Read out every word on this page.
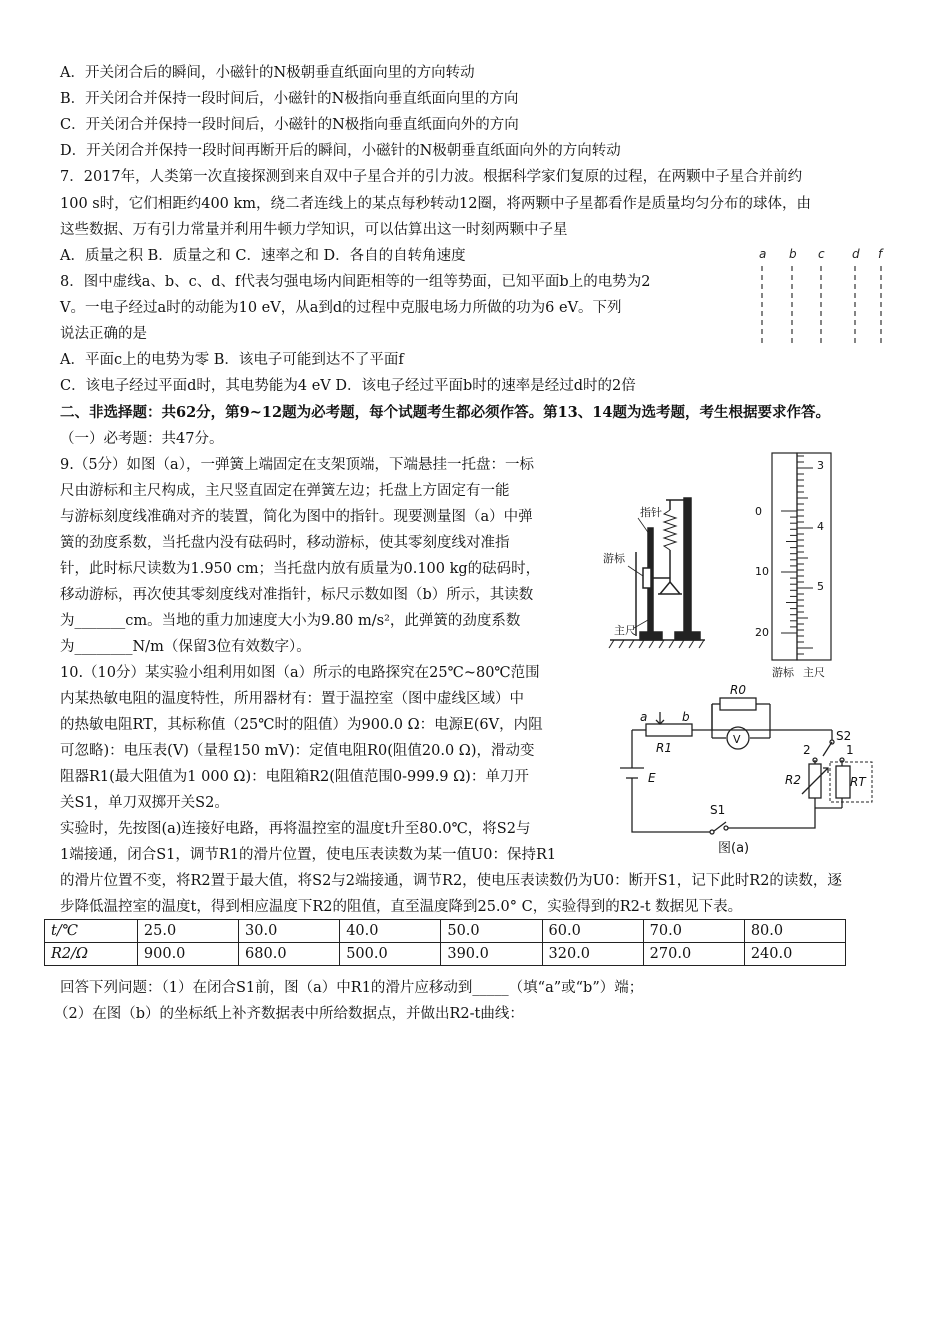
A．开关闭合后的瞬间，小磁针的N极朝垂直纸面向里的方向转动
B．开关闭合并保持一段时间后，小磁针的N极指向垂直纸面向里的方向
C．开关闭合并保持一段时间后，小磁针的N极指向垂直纸面向外的方向
D．开关闭合并保持一段时间再断开后的瞬间，小磁针的N极朝垂直纸面向外的方向转动
7．2017年，人类第一次直接探测到来自双中子星合并的引力波。根据科学家们复原的过程，在两颗中子星合并前约
100 s时，它们相距约400 km，绕二者连线上的某点每秒转动12圈，将两颗中子星都看作是质量均匀分布的球体，由
这些数据、万有引力常量并利用牛顿力学知识，可以估算出这一时刻两颗中子星
A．质量之积 B．质量之和 C．速率之和 D．各自的自转角速度
8．图中虚线a、b、c、d、f代表匀强电场内间距相等的一组等势面，已知平面b上的电势为2
V。一电子经过a时的动能为10 eV，从a到d的过程中克服电场力所做的功为6 eV。下列
说法正确的是
A．平面c上的电势为零 B．该电子可能到达不了平面f
C．该电子经过平面d时，其电势能为4 eV D．该电子经过平面b时的速率是经过d时的2倍
a b c d f
二、非选择题：共62分，第9~12题为必考题，每个试题考生都必须作答。第13、14题为选考题，考生根据要求作答。
（一）必考题：共47分。
9.（5分）如图（a），一弹簧上端固定在支架顶端，下端悬挂一托盘：一标
尺由游标和主尺构成，主尺竖直固定在弹簧左边；托盘上方固定有一能
与游标刻度线准确对齐的装置，简化为图中的指针。现要测量图（a）中弹
簧的劲度系数，当托盘内没有砝码时，移动游标，使其零刻度线对准指
针，此时标尺读数为1.950 cm；当托盘内放有质量为0.100 kg的砝码时，
移动游标，再次使其零刻度线对准指针，标尺示数如图（b）所示，其读数
为_______cm。当地的重力加速度大小为9.80 m/s²，此弹簧的劲度系数
为________N/m（保留3位有效数字）。
指针
游标
主尺
3
4
5
0
10
20
游标 主尺
10.（10分）某实验小组利用如图（a）所示的电路探究在25℃~80℃范围
内某热敏电阻的温度特性，所用器材有：置于温控室（图中虚线区域）中
的热敏电阻RT，其标称值（25℃时的阻值）为900.0 Ω：电源E(6V，内阻
可忽略)：电压表(V)（量程150 mV)：定值电阻R0(阻值20.0 Ω)，滑动变
阻器R1(最大阻值为1 000 Ω)：电阻箱R2(阻值范围0-999.9 Ω)：单刀开
关S1，单刀双掷开关S2。
实验时，先按图(a)连接好电路，再将温控室的温度t升至80.0℃，将S2与
1端接通，闭合S1，调节R1的滑片位置，使电压表读数为某一值U0：保持R1
的滑片位置不变，将R2置于最大值，将S2与2端接通，调节R2，使电压表读数仍为U0：断开S1，记下此时R2的读数，逐
步降低温控室的温度t，得到相应温度下R2的阻值，直至温度降到25.0° C，实验得到的R2-t 数据见下表。
R0
V
a	b
R1
E
S1
S2
R2	RT
2	1
图(a)
t/℃	25.0	30.0	40.0	50.0	60.0	70.0	80.0
R2/Ω	900.0	680.0	500.0	390.0	320.0	270.0	240.0
回答下列问题：（1）在闭合S1前，图（a）中R1的滑片应移动到_____（填“a”或“b”）端；
（2）在图（b）的坐标纸上补齐数据表中所给数据点，并做出R2-t曲线：
